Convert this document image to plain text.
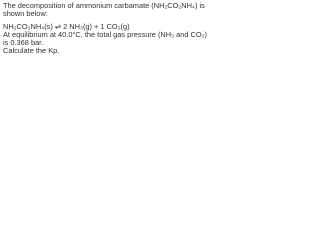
The decomposition of ammonium carbamate (NH₂CO₂NH₄) is

shown below:

NH₂CO₂NH₄(s) ⇌ 2 NH₃(g) + 1 CO₂(g)

At equilibrium at 40.0°C, the total gas pressure (NH₃ and CO₂)

is 0.368 bar.

Calculate the Kp.
